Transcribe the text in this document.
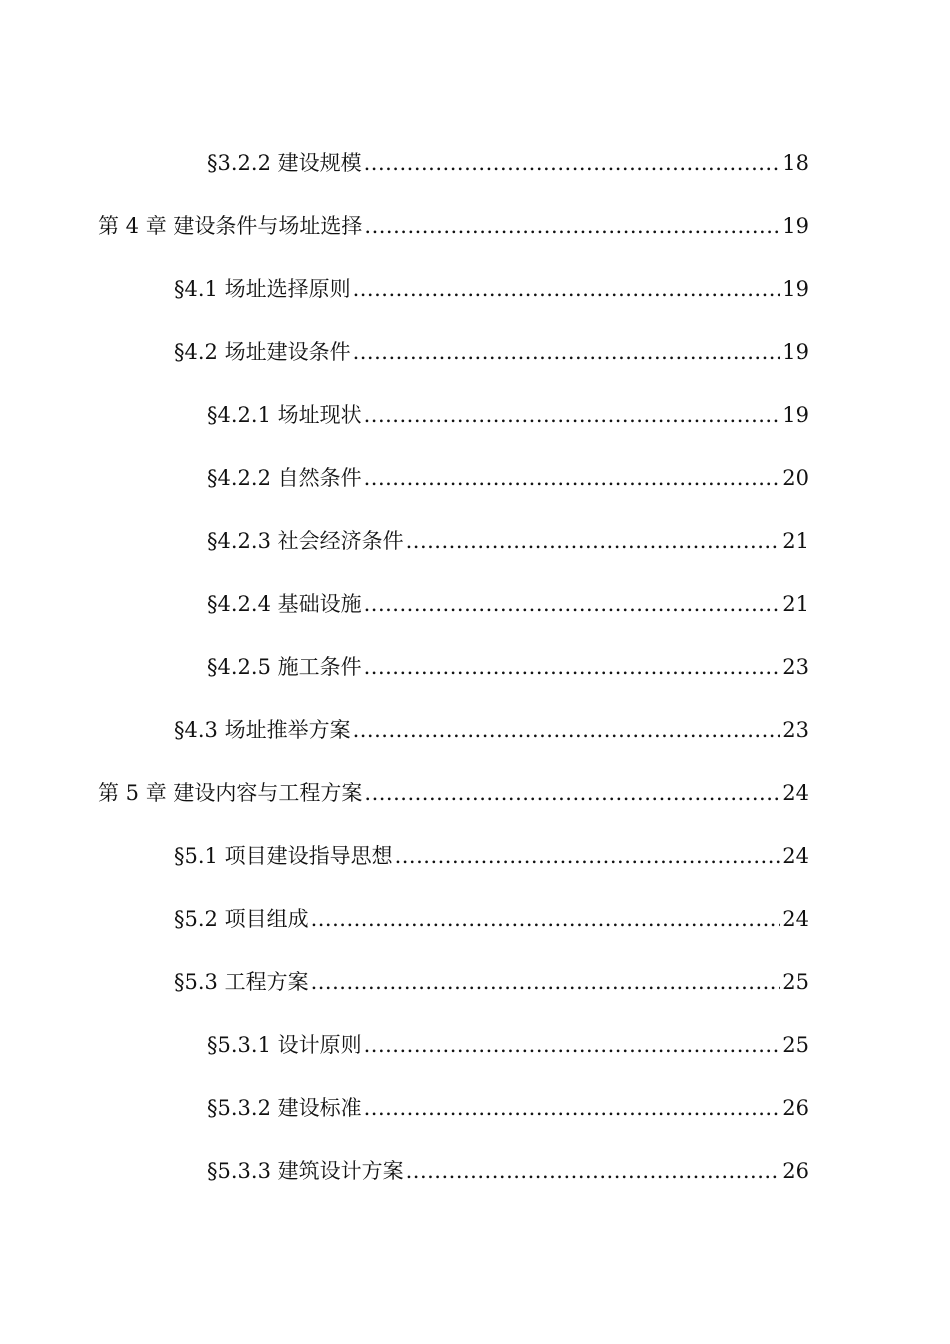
§3.2.2 建设规模 .....	18
第 4 章 建设条件与场址选择 .....	19
§4.1 场址选择原则 .....	19
§4.2 场址建设条件 .....	19
§4.2.1 场址现状 .....	19
§4.2.2 自然条件 .....	20
§4.2.3 社会经济条件 .....	21
§4.2.4 基础设施 .....	21
§4.2.5 施工条件 .....	23
§4.3 场址推举方案 .....	23
第 5 章 建设内容与工程方案 .....	24
§5.1 项目建设指导思想 .....	24
§5.2 项目组成 .....	24
§5.3 工程方案 .....	25
§5.3.1 设计原则 .....	25
§5.3.2 建设标准 .....	26
§5.3.3 建筑设计方案 .....	26
